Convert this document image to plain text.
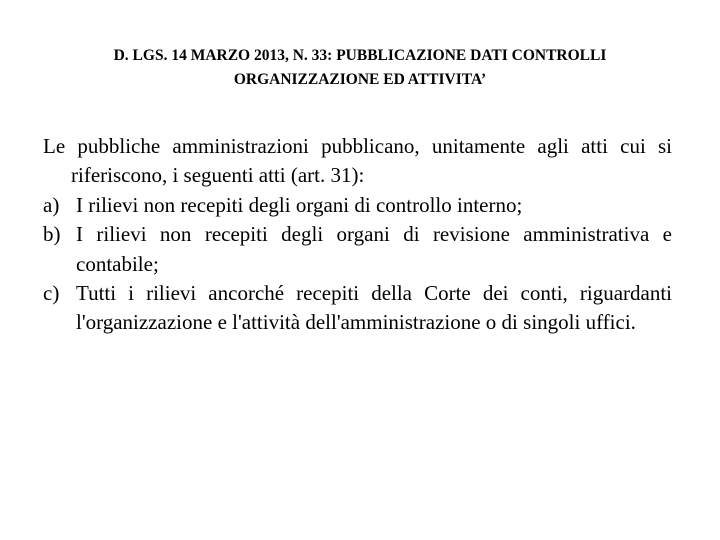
D. LGS. 14 MARZO 2013, N. 33: PUBBLICAZIONE DATI CONTROLLI
ORGANIZZAZIONE ED ATTIVITA’

Le pubbliche amministrazioni pubblicano, unitamente agli atti cui si riferiscono, i seguenti atti (art. 31):

a) I rilievi non recepiti degli organi di controllo interno;
b) I rilievi non recepiti degli organi di revisione amministrativa e contabile;
c) Tutti i rilievi ancorché recepiti della Corte dei conti, riguardanti l'organizzazione e l'attività dell'amministrazione o di singoli uffici.
